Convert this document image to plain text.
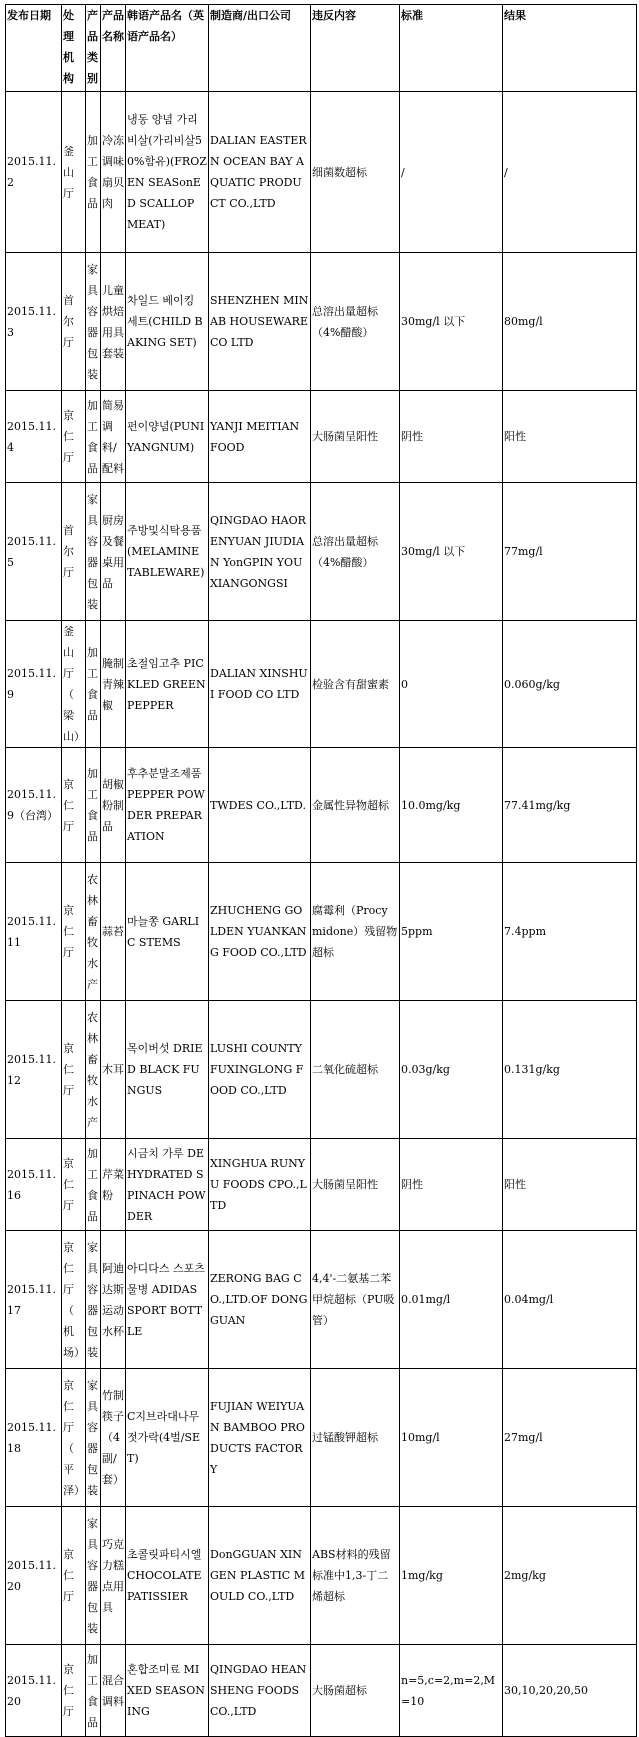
发布日期	处理机构	产品类别	产品名称	韩语产品名（英语产品名）	制造商/出口公司	违反内容	标准	结果
2015.11.2	釜山厅	加工食品	冷冻调味扇贝肉	냉동 양념 가리비살(가리비살50%함유)(FROZEN SEASonED SCALLOP MEAT)	DALIAN EASTERN OCEAN BAY AQUATIC PRODUCT CO.,LTD	细菌数超标	/	/
2015.11.3	首尔厅	家具容器包装	儿童烘焙用具套装	차일드 베이킹 세트(CHILD BAKING SET)	SHENZHEN MINAB HOUSEWARE CO LTD	总溶出量超标（4%醋酸）	30mg/l 以下	80mg/l
2015.11.4	京仁厅	加工食品	简易调料/配料	펀이양념(PUNI YANGNUM)	YANJI MEITIAN FOOD	大肠菌呈阳性	阴性	阳性
2015.11.5	首尔厅	家具容器包装	厨房及餐桌用品	주방및식탁용품(MELAMINE TABLEWARE)	QINGDAO HAORENYUAN JIUDIAN YonGPIN YOUXIANGONGSI	总溶出量超标（4%醋酸）	30mg/l 以下	77mg/l
2015.11.9	釜山厅（梁山）	加工食品	腌制青辣椒	초절임고추 PICKLED GREEN PEPPER	DALIAN XINSHUI FOOD CO LTD	检验含有甜蜜素	0	0.060g/kg
2015.11.9（台湾）	京仁厅	加工食品	胡椒粉制品	후추분말조제품 PEPPER POWDER PREPARATION	TWDES CO.,LTD.	金属性异物超标	10.0mg/kg	77.41mg/kg
2015.11.11	京仁厅	农林畜牧水产	蒜苔	마늘쫑 GARLIC STEMS	ZHUCHENG GOLDEN YUANKANG FOOD CO.,LTD	腐霉利（Procymidone）残留物超标	5ppm	7.4ppm
2015.11.12	京仁厅	农林畜牧水产	木耳	목이버섯 DRIED BLACK FUNGUS	LUSHI COUNTY FUXINGLONG FOOD CO.,LTD	二氧化硫超标	0.03g/kg	0.131g/kg
2015.11.16	京仁厅	加工食品	芹菜粉	시금치 가루 DEHYDRATED SPINACH POWDER	XINGHUA RUNYU FOODS CPO.,LTD	大肠菌呈阳性	阴性	阳性
2015.11.17	京仁厅（机场）	家具容器包装	阿迪达斯运动水杯	아디다스 스포츠 물병 ADIDAS SPORT BOTTLE	ZERONG BAG CO.,LTD.OF DONGGUAN	4,4'-二氨基二苯甲烷超标（PU吸管）	0.01mg/l	0.04mg/l
2015.11.18	京仁厅（平泽）	家具容器包装	竹制筷子（4副/套）	C지브라대나무젓가락(4벌/SET)	FUJIAN WEIYUAN BAMBOO PRODUCTS FACTORY	过锰酸钾超标	10mg/l	27mg/l
2015.11.20	京仁厅	家具容器包装	巧克力糕点用具	초콜릿파티시엘 CHOCOLATE PATISSIER	DonGGUAN XIN GEN PLASTIC MOULD CO.,LTD	ABS材料的残留标准中1,3-丁二烯超标	1mg/kg	2mg/kg
2015.11.20	京仁厅	加工食品	混合调料	혼합조미료 MIXED SEASONING	QINGDAO HEANSHENG FOODS CO.,LTD	大肠菌超标	n=5,c=2,m=2,M=10	30,10,20,20,50
